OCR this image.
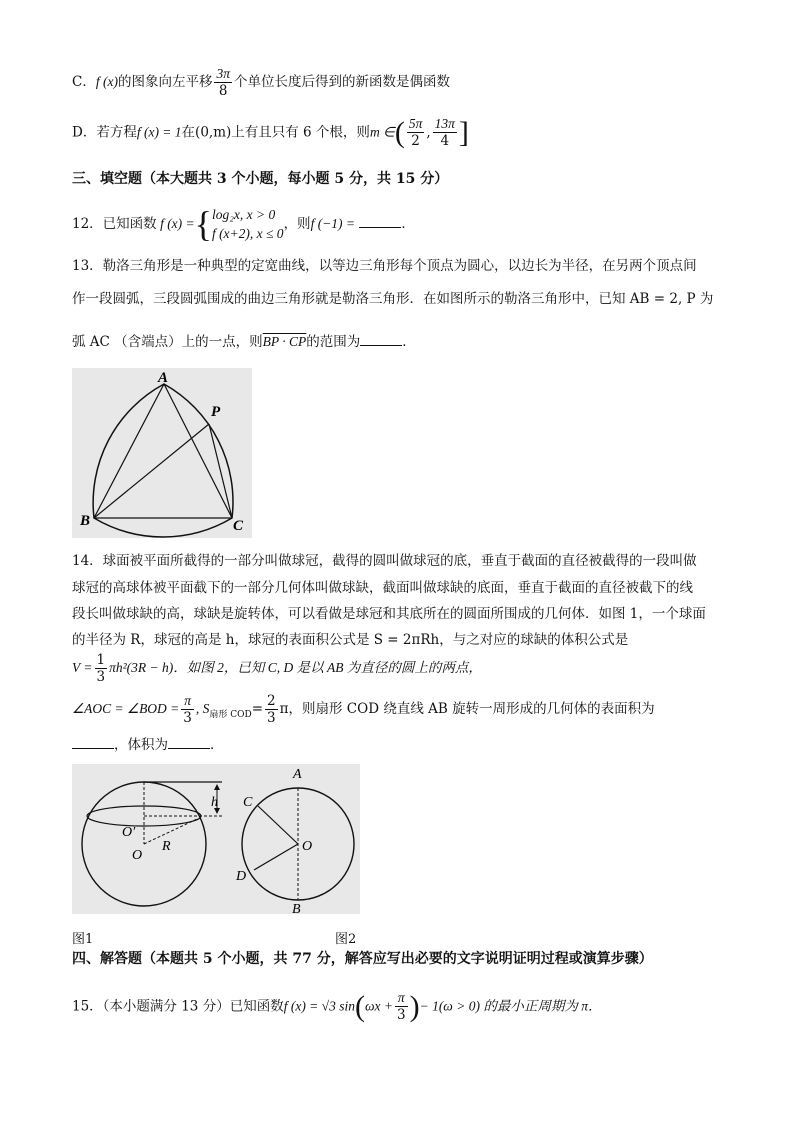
C．f (x)的图象向左平移 $\frac{3\pi}{8}$ 个单位长度后得到的新函数是偶函数
D．若方程f (x) = 1在(0,m)上有且只有 6 个根，则m ∈( $\frac{5\pi}{2}$ , $\frac{13\pi}{4}$ ]
三、填空题（本大题共 3 个小题，每小题 5 分，共 15 分）
12．已知函数 f (x) ={log₂x, x > 0
f (x+2), x ≤ 0，则f (−1) =	．
13．勒洛三角形是一种典型的定宽曲线，以等边三角形每个顶点为圆心，以边长为半径，在另两个顶点间
作一段圆弧，三段圆弧围成的曲边三角形就是勒洛三角形．在如图所示的勒洛三角形中，已知 AB = 2, P 为
弧 AC （含端点）上的一点，则BP · CP的范围为	．
A
B	C
P
14．球面被平面所截得的一部分叫做球冠，截得的圆叫做球冠的底，垂直于截面的直径被截得的一段叫做
球冠的高球体被平面截下的一部分几何体叫做球缺，截面叫做球缺的底面，垂直于截面的直径被截下的线
段长叫做球缺的高，球缺是旋转体，可以看做是球冠和其底所在的圆面所围成的几何体．如图 1，一个球面
的半径为 R，球冠的高是 h，球冠的表面积公式是 S = 2πRh，与之对应的球缺的体积公式是
$V = \frac{1}{3} \pi h^2(3R - h)$．如图 2，已知 C, D 是以 AB 为直径的圆上的两点，
∠AOC = ∠BOD = $\frac{\pi}{3}$ , $S_{扇形 COD}= \frac{2}{3}$ π，则扇形 COD 绕直线 AB 旋转一周形成的几何体的表面积为
，体积为	．
h
O′
O
R
A
B
C
D
O
图1	图2
四、解答题（本题共 5 个小题，共 77 分，解答应写出必要的文字说明证明过程或演算步骤）
15．（本小题满分 13 分）已知函数f (x) = √3 $\sin(\omega x + \frac{\pi}{3}$ )− 1(ω > 0) 的最小正周期为 π．
